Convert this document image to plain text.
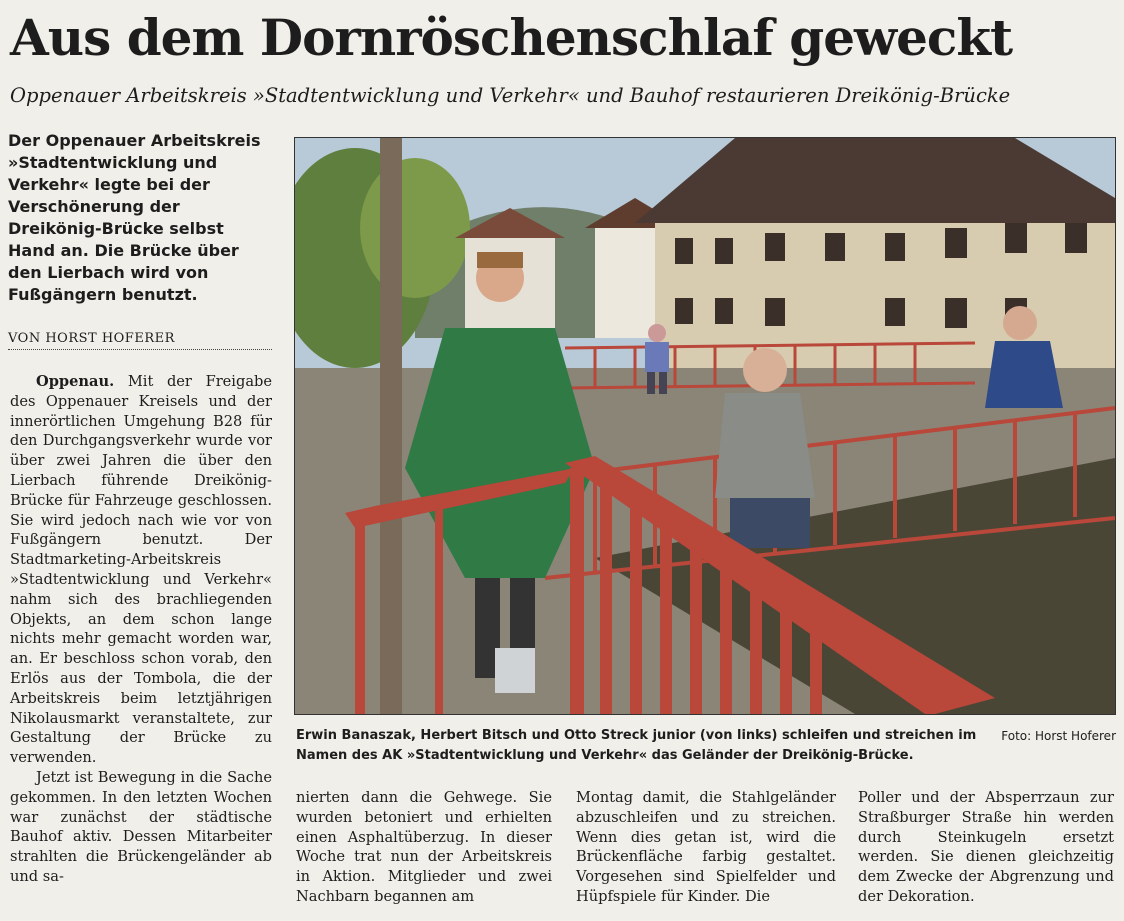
Aus dem Dornröschenschlaf geweckt
Oppenauer Arbeitskreis »Stadtentwicklung und Verkehr« und Bauhof restaurieren Dreikönig-Brücke
Der Oppenauer Arbeitskreis »Stadtentwicklung und Verkehr« legte bei der Verschönerung der Dreikönig-Brücke selbst Hand an. Die Brücke über den Lierbach wird von Fußgängern benutzt.
VON HORST HOFERER

Oppenau. Mit der Freigabe des Oppenauer Kreisels und der innerörtlichen Umgehung B28 für den Durchgangsverkehr wurde vor über zwei Jahren die über den Lierbach führende Dreikönig-Brücke für Fahrzeuge geschlossen. Sie wird jedoch nach wie vor von Fußgängern benutzt. Der Stadtmarketing-Arbeitskreis »Stadtentwicklung und Verkehr« nahm sich des brachliegenden Objekts, an dem schon lange nichts mehr gemacht worden war, an. Er beschloss schon vorab, den Erlös aus der Tombola, die der Arbeitskreis beim letztjährigen Nikolausmarkt veranstaltete, zur Gestaltung der Brücke zu verwenden.

Jetzt ist Bewegung in die Sache gekommen. In den letzten Wochen war zunächst der städtische Bauhof aktiv. Dessen Mitarbeiter strahlten die Brückengeländer ab und sa-

Foto: Horst Hoferer
Erwin Banaszak, Herbert Bitsch und Otto Streck junior (von links) schleifen und streichen im Namen des AK »Stadtentwicklung und Verkehr« das Geländer der Dreikönig-Brücke.
nierten dann die Gehwege. Sie wurden betoniert und erhielten einen Asphaltüberzug. In dieser Woche trat nun der Arbeitskreis in Aktion. Mitglieder und zwei Nachbarn begannen am
Montag damit, die Stahlgeländer abzuschleifen und zu streichen. Wenn dies getan ist, wird die Brückenfläche farbig gestaltet. Vorgesehen sind Spielfelder und Hüpfspiele für Kinder. Die
Poller und der Absperrzaun zur Straßburger Straße hin werden durch Steinkugeln ersetzt werden. Sie dienen gleichzeitig dem Zwecke der Abgrenzung und der Dekoration.
